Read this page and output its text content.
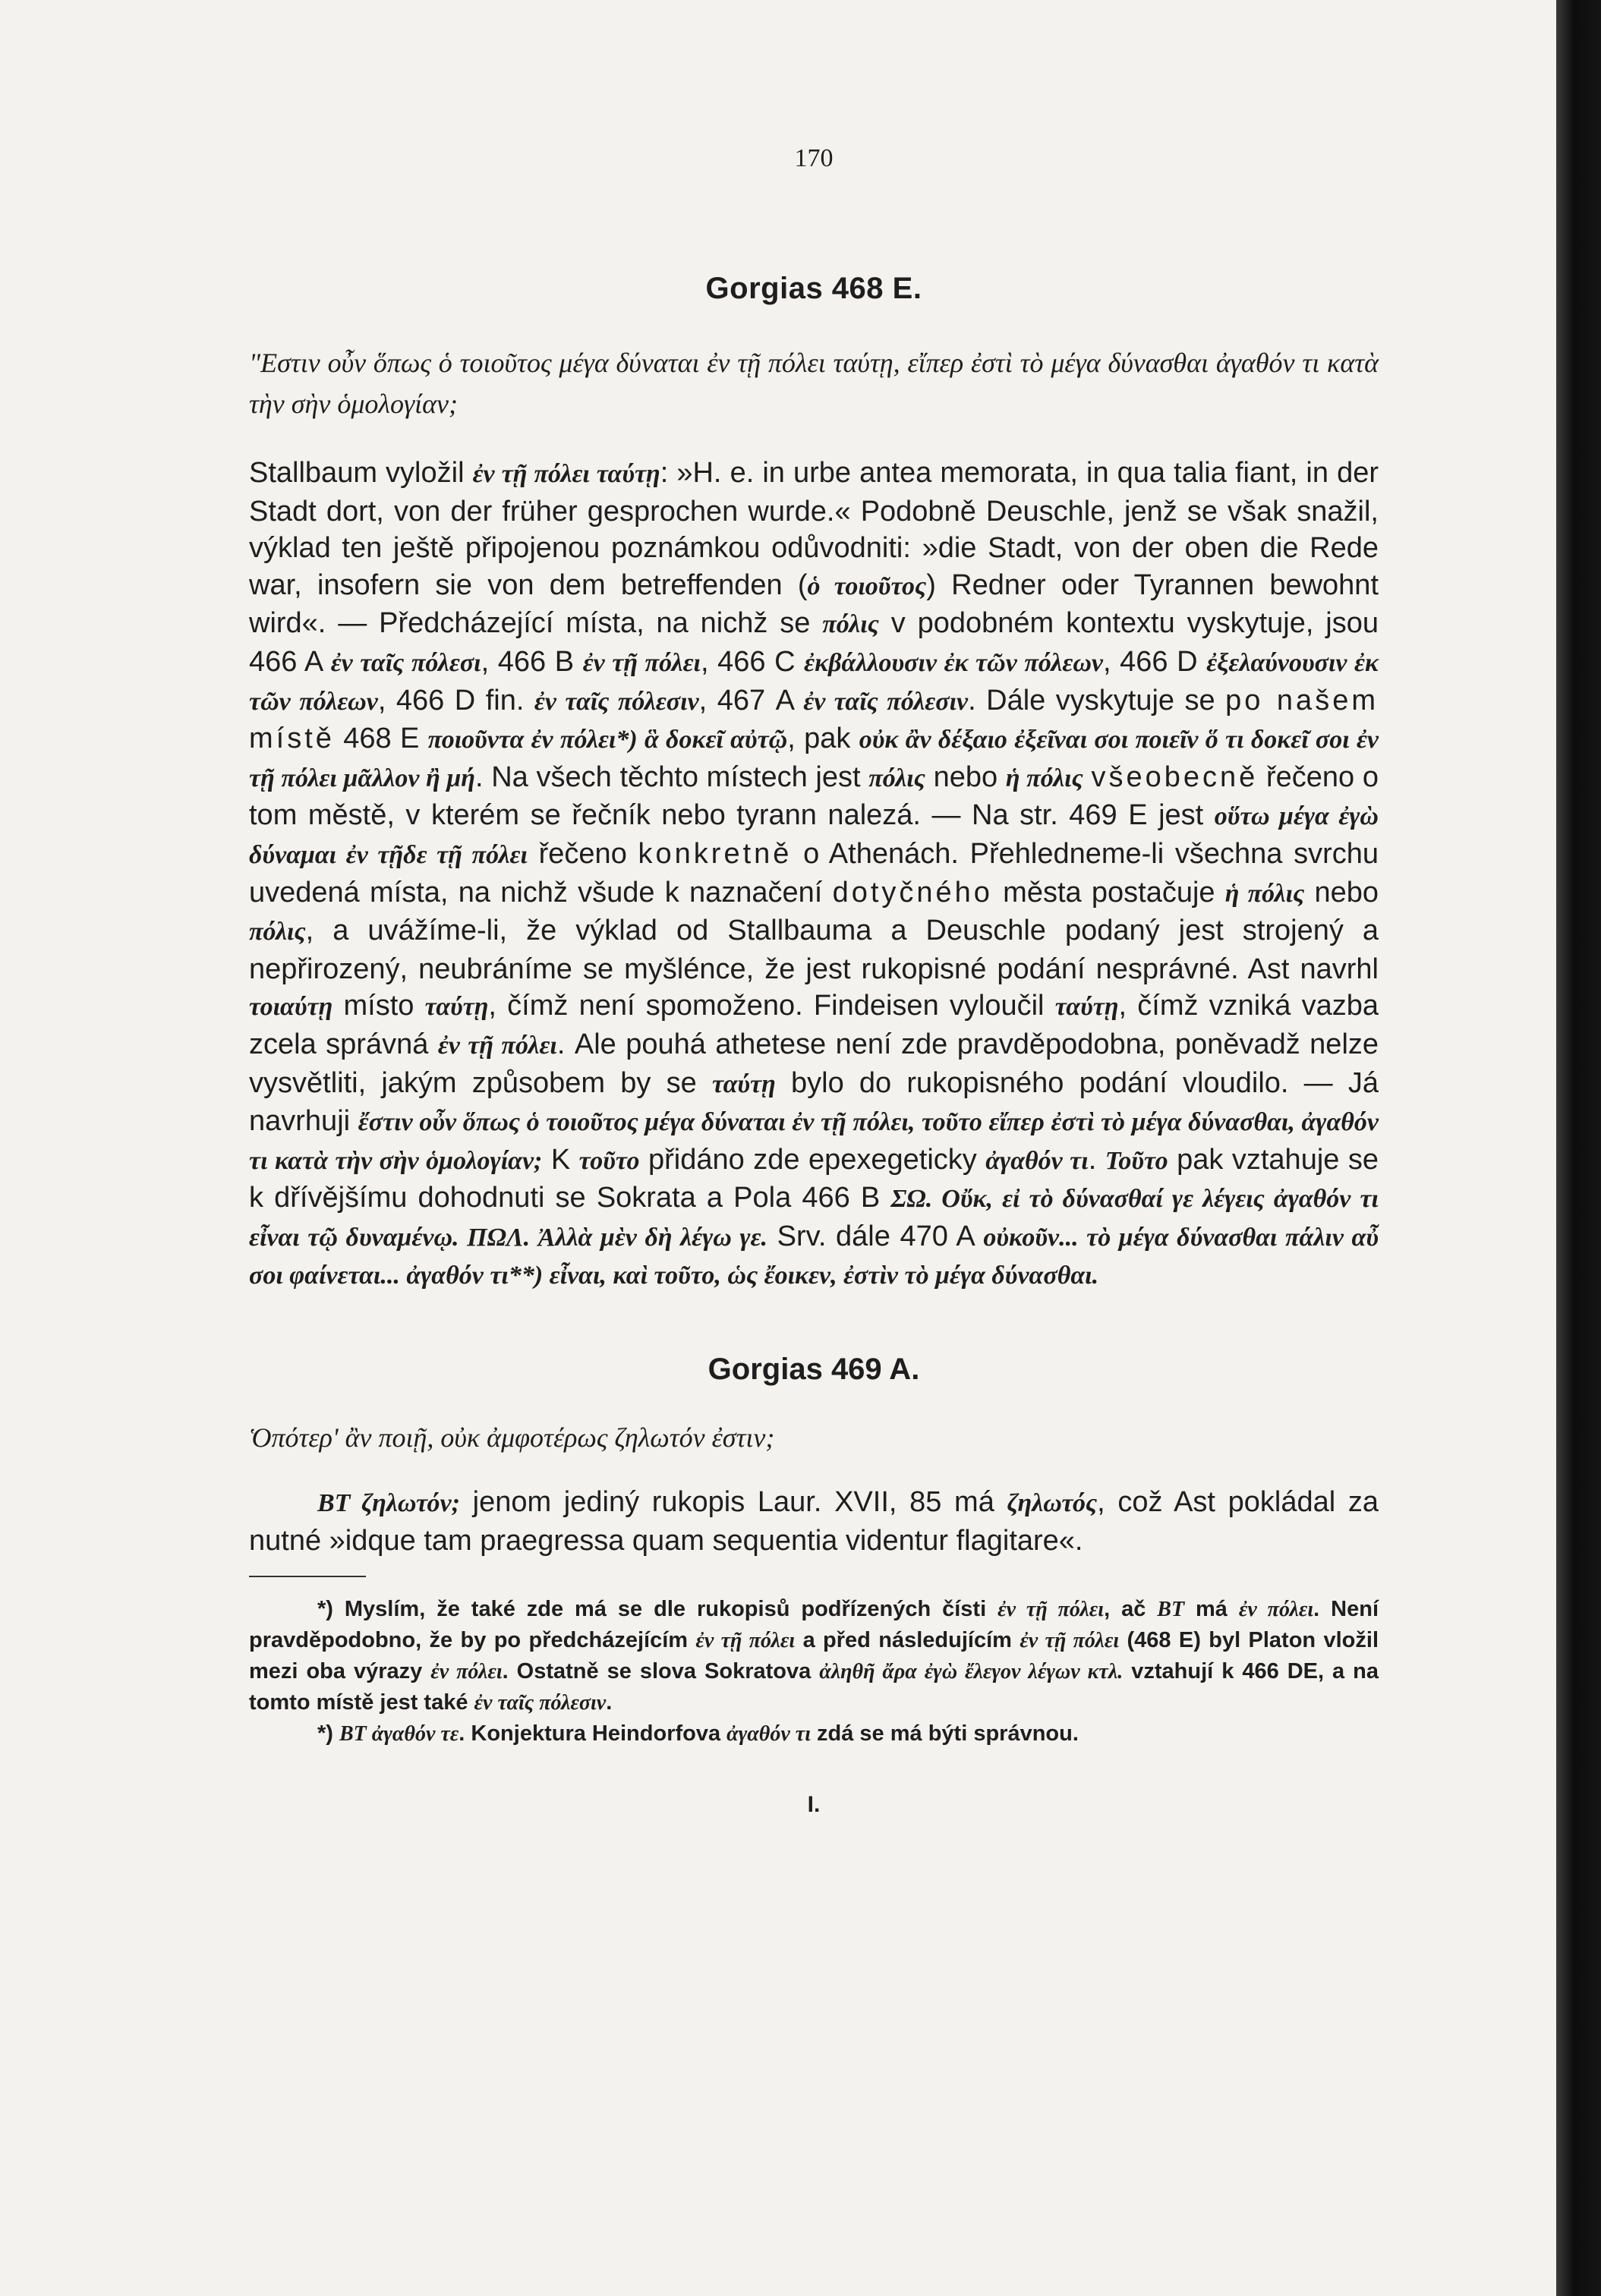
170
Gorgias 468 E.

"Εστιν οὖν ὅπως ὁ τοιοῦτος μέγα δύναται ἐν τῇ πόλει ταύτῃ, εἴπερ ἐστὶ τὸ μέγα δύνασθαι ἀγαθόν τι κατὰ τὴν σὴν ὁμολογίαν;

Stallbaum vyložil ἐν τῇ πόλει ταύτῃ: »H. e. in urbe antea memorata, in qua talia fiant, in der Stadt dort, von der früher gesprochen wurde.« Podobně Deuschle, jenž se však snažil, výklad ten ještě připojenou poznámkou odůvodniti: »die Stadt, von der oben die Rede war, insofern sie von dem betreffenden (ὁ τοιοῦτος) Redner oder Tyrannen bewohnt wird«. — Předcházející místa, na nichž se πόλις v podobném kontextu vyskytuje, jsou 466 A ἐν ταῖς πόλεσι, 466 B ἐν τῇ πόλει, 466 C ἐκβάλλουσιν ἐκ τῶν πόλεων, 466 D ἐξελαύνουσιν ἐκ τῶν πόλεων, 466 D fin. ἐν ταῖς πόλεσιν, 467 A ἐν ταῖς πόλεσιν. Dále vyskytuje se po našem místě 468 E ποιοῦντα ἐν πόλει*) ἃ δοκεῖ αὐτῷ, pak οὐκ ἂν δέξαιο ἐξεῖναι σοι ποιεῖν ὅ τι δοκεῖ σοι ἐν τῇ πόλει μᾶλλον ἢ μή. Na všech těchto místech jest πόλις nebo ἡ πόλις všeobecně řečeno o tom městě, v kterém se řečník nebo tyrann nalezá. — Na str. 469 E jest οὕτω μέγα ἐγὼ δύναμαι ἐν τῇδε τῇ πόλει řečeno konkretně o Athenách. Přehledneme-li všechna svrchu uvedená místa, na nichž všude k naznačení dotyčného města postačuje ἡ πόλις nebo πόλις, a uvážíme-li, že výklad od Stallbauma a Deuschle podaný jest strojený a nepřirozený, neubráníme se myšlénce, že jest rukopisné podání nesprávné. Ast navrhl τοιαύτῃ místo ταύτῃ, čímž není spomoženo. Findeisen vyloučil ταύτῃ, čímž vzniká vazba zcela správná ἐν τῇ πόλει. Ale pouhá athetese není zde pravděpodobna, poněvadž nelze vysvětliti, jakým způsobem by se ταύτῃ bylo do rukopisného podání vloudilo. — Já navrhuji ἔστιν οὖν ὅπως ὁ τοιοῦτος μέγα δύναται ἐν τῇ πόλει, τοῦτο εἴπερ ἐστὶ τὸ μέγα δύνασθαι, ἀγαθόν τι κατὰ τὴν σὴν ὁμολογίαν; K τοῦτο přidáno zde epexegeticky ἀγαθόν τι. Τοῦτο pak vztahuje se k dřívějšímu dohodnuti se Sokrata a Pola 466 B ΣΩ. Οὔκ, εἰ τὸ δύνασθαί γε λέγεις ἀγαθόν τι εἶναι τῷ δυναμένῳ. ΠΩΛ. Ἀλλὰ μὲν δὴ λέγω γε. Srv. dále 470 A οὐκοῦν... τὸ μέγα δύνασθαι πάλιν αὖ σοι φαίνεται... ἀγαθόν τι**) εἶναι, καὶ τοῦτο, ὡς ἔοικεν, ἐστὶν τὸ μέγα δύνασθαι.

Gorgias 469 A.

Ὁπότερ' ἂν ποιῇ, οὐκ ἀμφοτέρως ζηλωτόν ἐστιν;

BT ζηλωτόν; jenom jediný rukopis Laur. XVII, 85 má ζηλωτός, což Ast pokládal za nutné »idque tam praegressa quam sequentia videntur flagitare«.

*) Myslím, že také zde má se dle rukopisů podřízených čísti ἐν τῇ πόλει, ač BT má ἐν πόλει. Není pravděpodobno, že by po předcházejícím ἐν τῇ πόλει a před následujícím ἐν τῇ πόλει (468 E) byl Platon vložil mezi oba výrazy ἐν πόλει. Ostatně se slova Sokratova ἀληθῆ ἄρα ἐγὼ ἔλεγον λέγων κτλ. vztahují k 466 DE, a na tomto místě jest také ἐν ταῖς πόλεσιν.

*) BT ἀγαθόν τε. Konjektura Heindorfova ἀγαθόν τι zdá se má býti správnou.

I.
